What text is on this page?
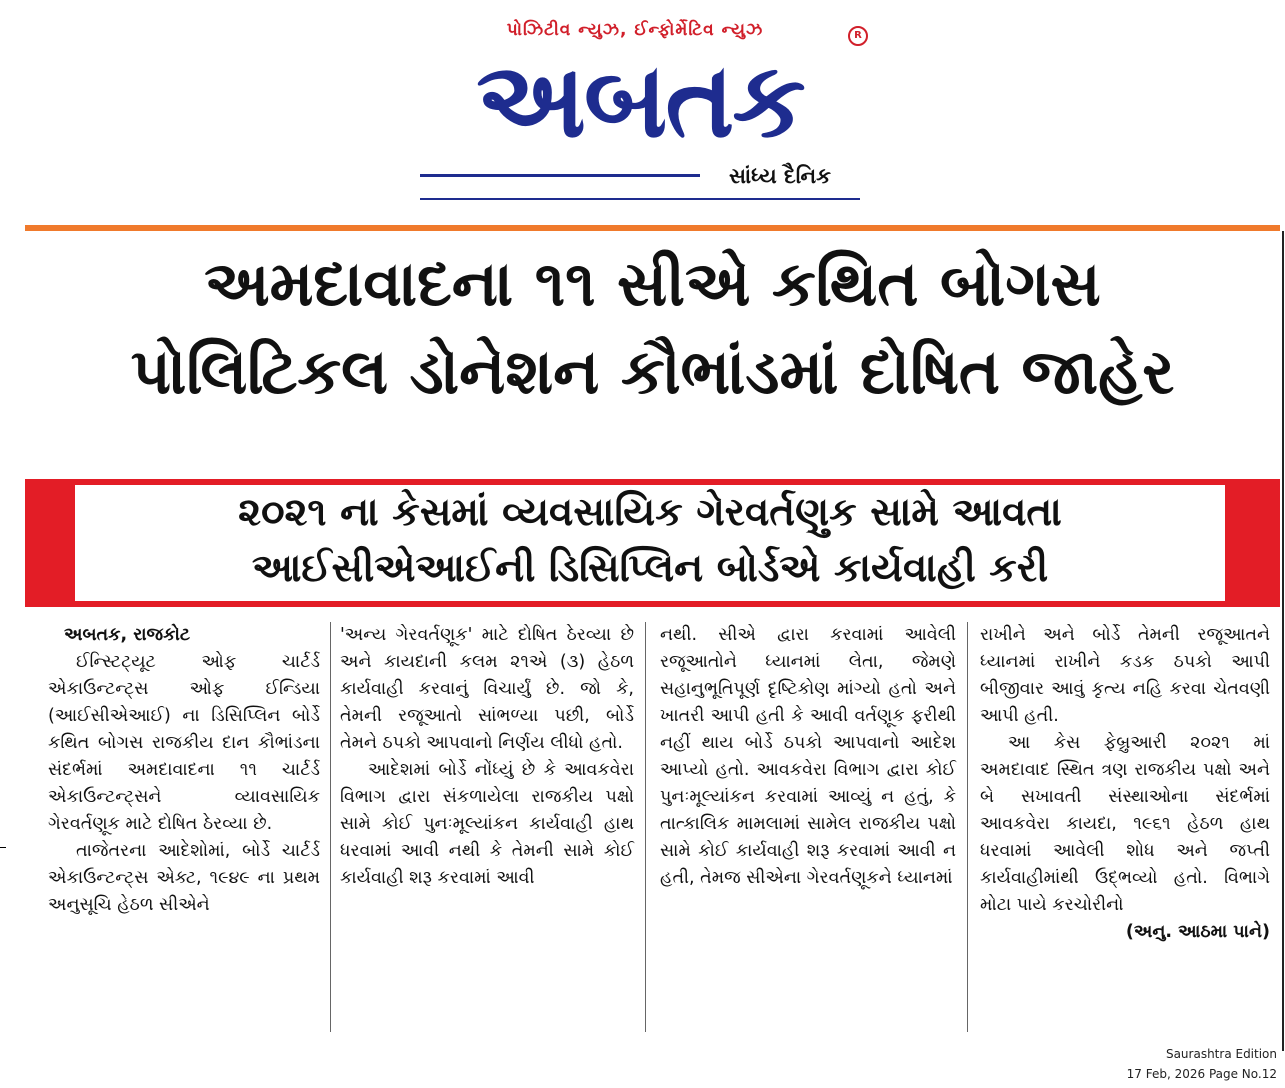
પોઝિટીવ ન્યુઝ, ઈન્ફોર્મેટિવ ન્યુઝ
અબતક
R
સાંધ્ય દૈનિક
અમદાવાદના ૧૧ સીએ કથિત બોગસ
પોલિટિકલ ડોનેશન કૌભાંડમાં દોષિત જાહેર
૨૦૨૧ ના કેસમાં વ્યવસાયિક ગેરવર્તણુક સામે આવતા
આઈસીએઆઈની ડિસિપ્લિન બોર્ડએ કાર્યવાહી કરી

અબતક, રાજકોટ

ઈન્સ્ટિટ્યૂટ ઓફ ચાર્ટર્ડ એકાઉન્ટન્ટ્સ ઓફ ઈન્ડિયા (આઈસીએઆઈ) ના ડિસિપ્લિન બોર્ડે કથિત બોગસ રાજકીય દાન કૌભાંડના સંદર્ભમાં અમદાવાદના ૧૧ ચાર્ટર્ડ એકાઉન્ટન્ટ્સને વ્યાવસાયિક ગેરવર્તણૂક માટે દોષિત ઠેરવ્યા છે.

તાજેતરના આદેશોમાં, બોર્ડે ચાર્ટર્ડ એકાઉન્ટન્ટ્સ એક્ટ, ૧૯૪૯ ના પ્રથમ અનુસૂચિ હેઠળ સીએને

'અન્ય ગેરવર્તણૂક' માટે દોષિત ઠેરવ્યા છે અને કાયદાની કલમ ૨૧એ (૩) હેઠળ કાર્યવાહી કરવાનું વિચાર્યું છે. જો કે, તેમની રજૂઆતો સાંભળ્યા પછી, બોર્ડે તેમને ઠપકો આપવાનો નિર્ણય લીધો હતો.

આદેશમાં બોર્ડે નોંધ્યું છે કે આવકવેરા વિભાગ દ્વારા સંકળાયેલા રાજકીય પક્ષો સામે કોઈ પુનઃમૂલ્યાંકન કાર્યવાહી હાથ ધરવામાં આવી નથી કે તેમની સામે કોઈ કાર્યવાહી શરૂ કરવામાં આવી

નથી. સીએ દ્વારા કરવામાં આવેલી રજૂઆતોને ધ્યાનમાં લેતા, જેમણે સહાનુભૂતિપૂર્ણ દૃષ્ટિકોણ માંગ્યો હતો અને ખાતરી આપી હતી કે આવી વર્તણૂક ફરીથી નહીં થાય બોર્ડે ઠપકો આપવાનો આદેશ આપ્યો હતો. આવકવેરા વિભાગ દ્વારા કોઈ પુનઃમૂલ્યાંકન કરવામાં આવ્યું ન હતું, કે તાત્કાલિક મામલામાં સામેલ રાજકીય પક્ષો સામે કોઈ કાર્યવાહી શરૂ કરવામાં આવી ન હતી, તેમજ સીએના ગેરવર્તણૂકને ધ્યાનમાં

રાખીને અને બોર્ડે તેમની રજૂઆતને ધ્યાનમાં રાખીને કડક ઠપકો આપી બીજીવાર આવું કૃત્ય નહિ કરવા ચેતવણી આપી હતી.

આ કેસ ફેબ્રુઆરી ૨૦૨૧ માં અમદાવાદ સ્થિત ત્રણ રાજકીય પક્ષો અને બે સખાવતી સંસ્થાઓના સંદર્ભમાં આવકવેરા કાયદા, ૧૯૬૧ હેઠળ હાથ ધરવામાં આવેલી શોધ અને જપ્તી કાર્યવાહીમાંથી ઉદ્ભવ્યો હતો. વિભાગે મોટા પાયે કરચોરીનો

(અનુ. આઠમા પાને)

Saurashtra Edition
17 Feb, 2026 Page No.12
